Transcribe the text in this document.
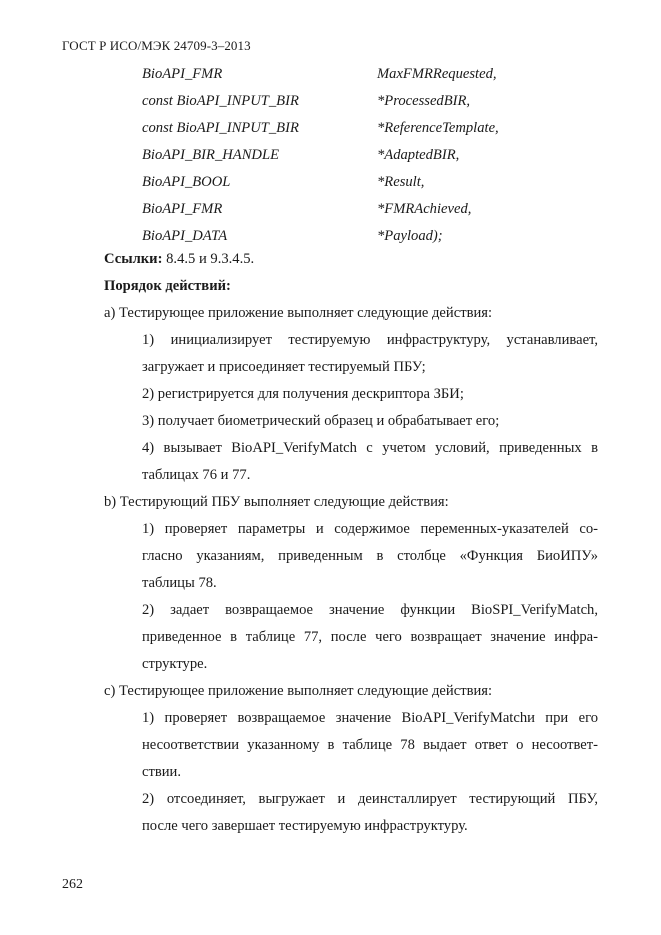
ГОСТ Р ИСО/МЭК 24709-3–2013
BioAPI_FMR	MaxFMRRequested,
const BioAPI_INPUT_BIR	*ProcessedBIR,
const BioAPI_INPUT_BIR	*ReferenceTemplate,
BioAPI_BIR_HANDLE	*AdaptedBIR,
BioAPI_BOOL	*Result,
BioAPI_FMR	*FMRAchieved,
BioAPI_DATA	*Payload);
Ссылки: 8.4.5 и 9.3.4.5.
Порядок действий:
а) Тестирующее приложение выполняет следующие действия:
1) инициализирует тестируемую инфраструктуру, устанавливает,
загружает и присоединяет тестируемый ПБУ;
2) регистрируется для получения дескриптора ЗБИ;
3) получает биометрический образец и обрабатывает его;
4) вызывает BioAPI_VerifyMatch с учетом условий, приведенных в
таблицах 76 и 77.
b) Тестирующий ПБУ выполняет следующие действия:
1) проверяет параметры и содержимое переменных-указателей со-
гласно указаниям, приведенным в столбце «Функция БиоИПУ»
таблицы 78.
2) задает возвращаемое значение функции BioSPI_VerifyMatch,
приведенное в таблице 77, после чего возвращает значение инфра-
структуре.
c) Тестирующее приложение выполняет следующие действия:
1) проверяет возвращаемое значение BioAPI_VerifyMatchи при его
несоответствии указанному в таблице 78 выдает ответ о несоответ-
ствии.
2) отсоединяет, выгружает и деинсталлирует тестирующий ПБУ,
после чего завершает тестируемую инфраструктуру.
262
